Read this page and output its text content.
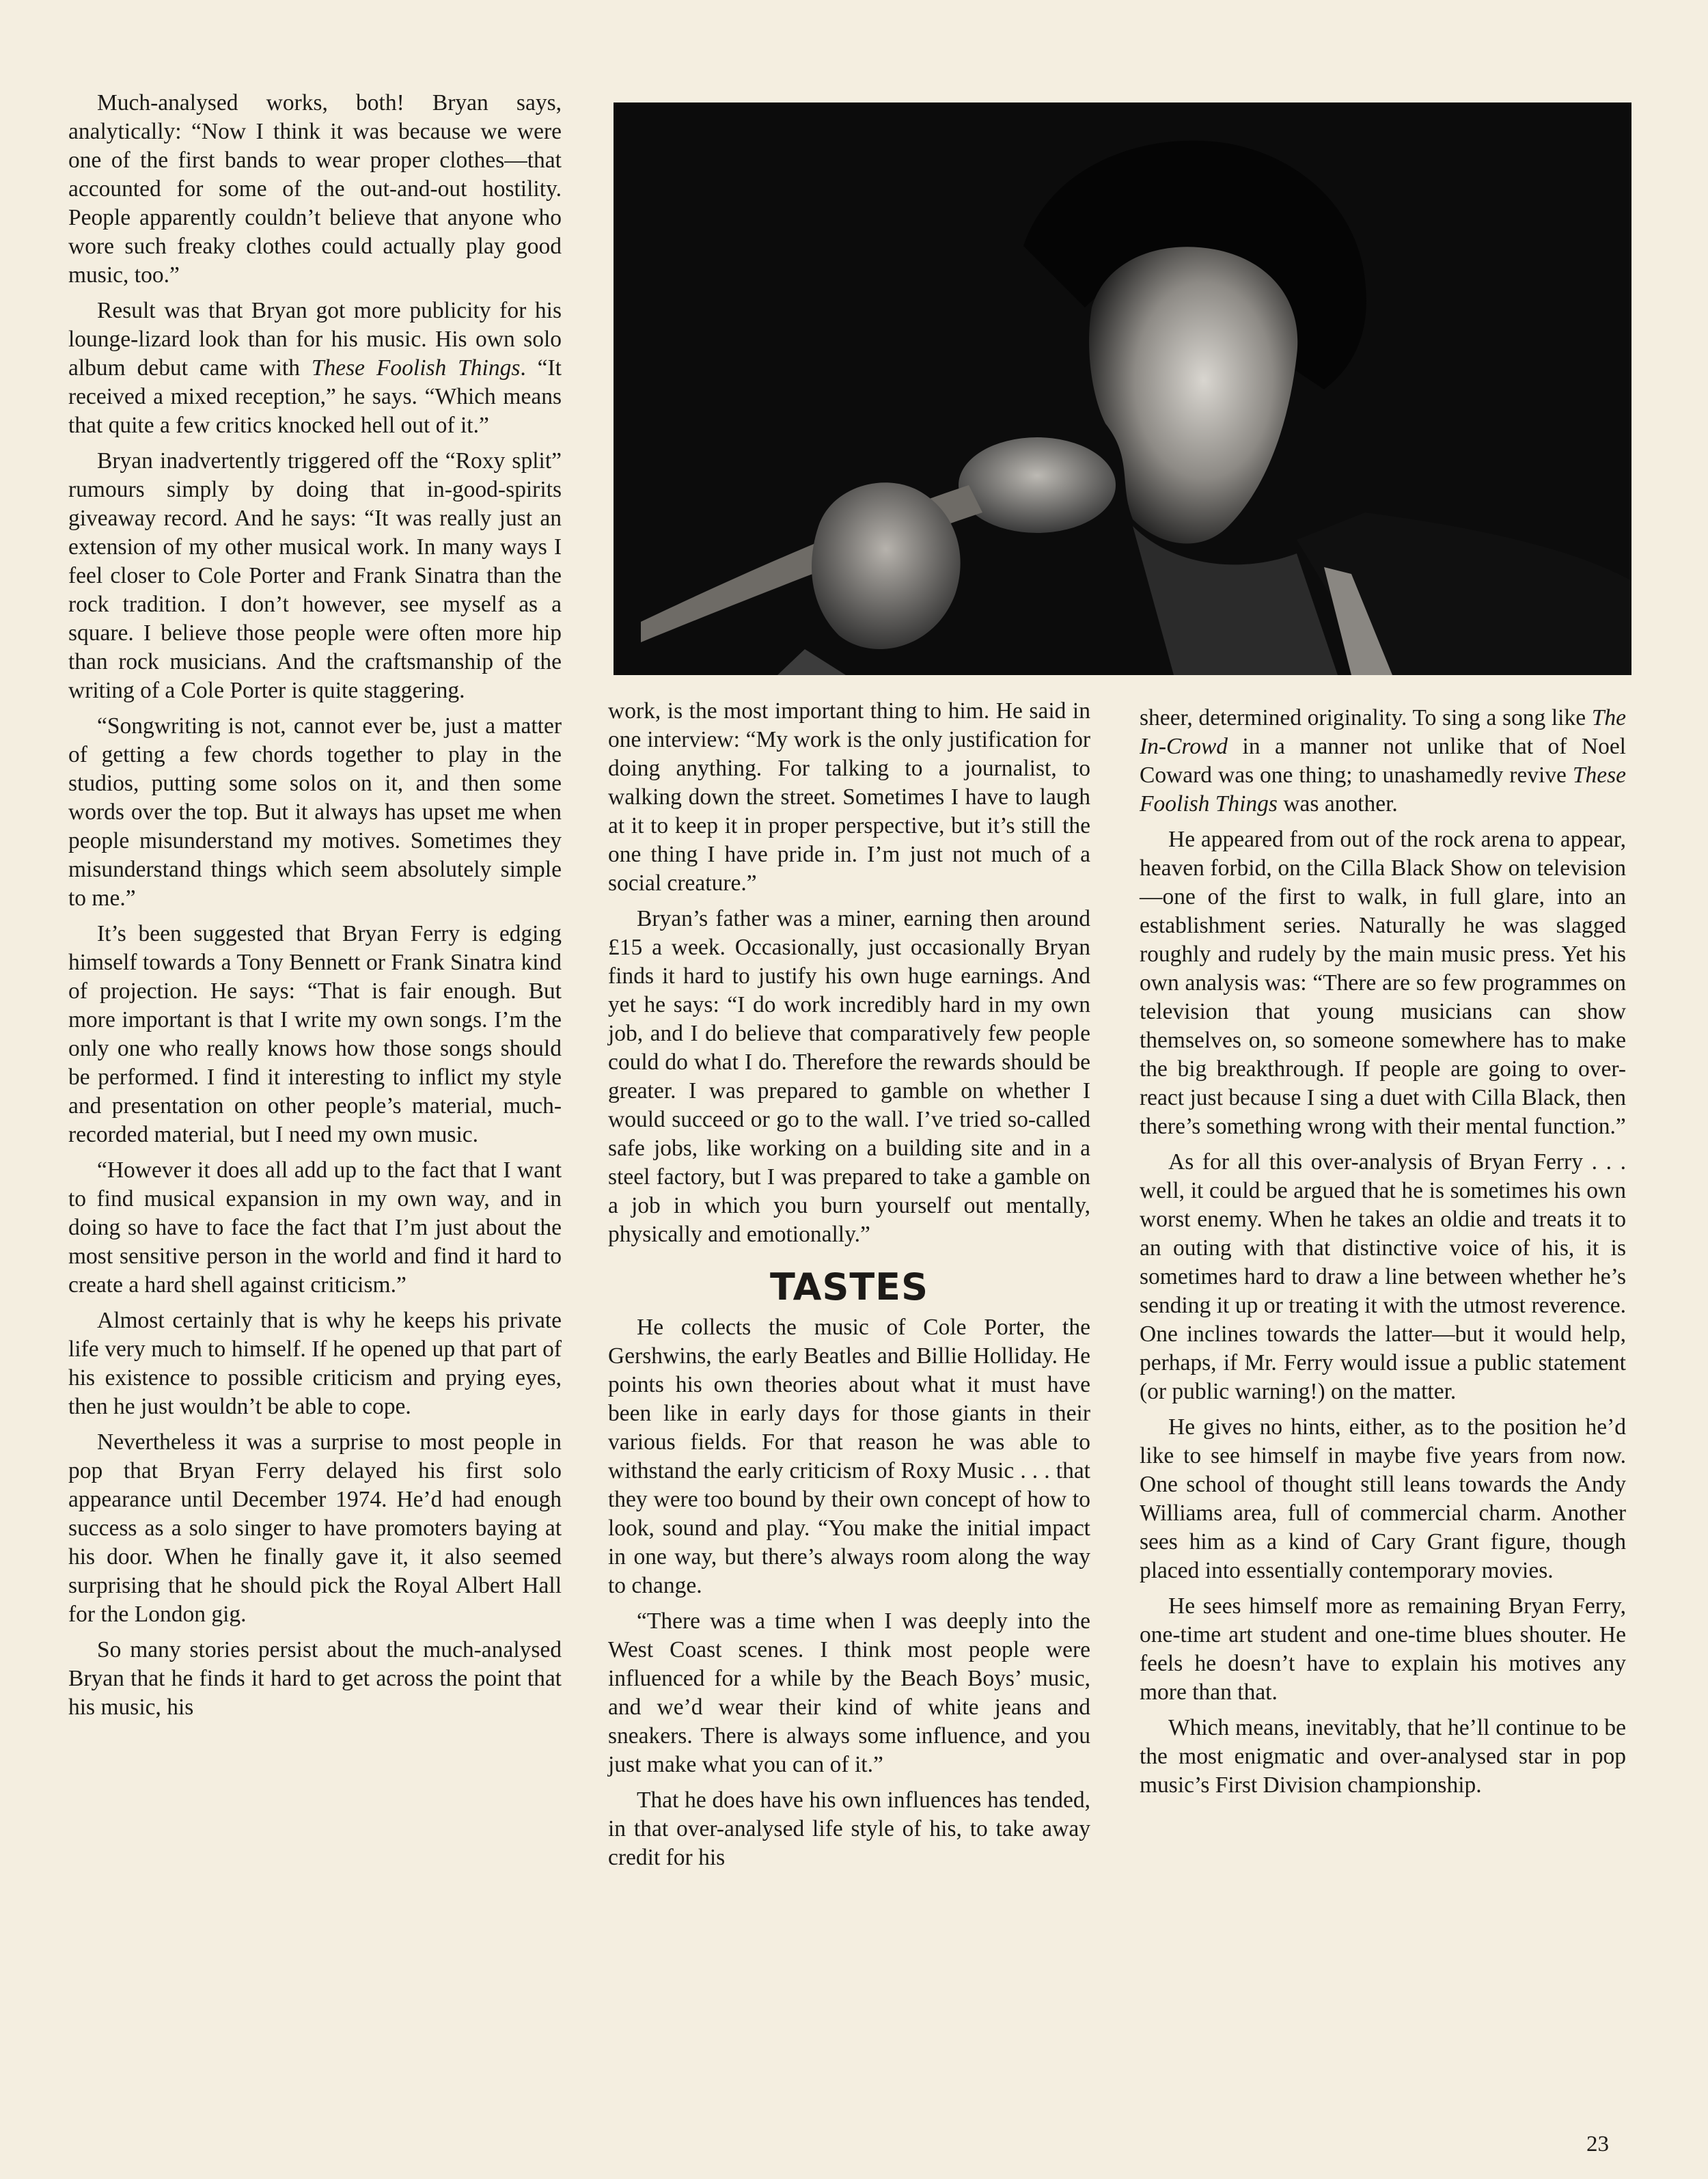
Much-analysed works, both! Bryan says, analytically: “Now I think it was because we were one of the first bands to wear proper clothes—that accounted for some of the out-and-out hostility. People apparently couldn’t believe that anyone who wore such freaky clothes could actually play good music, too.”

Result was that Bryan got more publicity for his lounge-lizard look than for his music. His own solo album debut came with These Foolish Things. “It received a mixed reception,” he says. “Which means that quite a few critics knocked hell out of it.”

Bryan inadvertently triggered off the “Roxy split” rumours simply by doing that in-good-spirits giveaway record. And he says: “It was really just an extension of my other musical work. In many ways I feel closer to Cole Porter and Frank Sinatra than the rock tradition. I don’t however, see myself as a square. I believe those people were often more hip than rock musicians. And the craftsmanship of the writing of a Cole Porter is quite staggering.

“Songwriting is not, cannot ever be, just a matter of getting a few chords together to play in the studios, putting some solos on it, and then some words over the top. But it always has upset me when people misunderstand my motives. Sometimes they misunderstand things which seem absolutely simple to me.”

It’s been suggested that Bryan Ferry is edging himself towards a Tony Bennett or Frank Sinatra kind of projection. He says: “That is fair enough. But more important is that I write my own songs. I’m the only one who really knows how those songs should be performed. I find it interesting to inflict my style and presentation on other people’s material, much-recorded material, but I need my own music.

“However it does all add up to the fact that I want to find musical expansion in my own way, and in doing so have to face the fact that I’m just about the most sensitive person in the world and find it hard to create a hard shell against criticism.”

Almost certainly that is why he keeps his private life very much to himself. If he opened up that part of his existence to possible criticism and prying eyes, then he just wouldn’t be able to cope.

Nevertheless it was a surprise to most people in pop that Bryan Ferry delayed his first solo appearance until December 1974. He’d had enough success as a solo singer to have promoters baying at his door. When he finally gave it, it also seemed surprising that he should pick the Royal Albert Hall for the London gig.

So many stories persist about the much-analysed Bryan that he finds it hard to get across the point that his music, his

work, is the most important thing to him. He said in one interview: “My work is the only justification for doing anything. For talking to a journalist, to walking down the street. Sometimes I have to laugh at it to keep it in proper perspective, but it’s still the one thing I have pride in. I’m just not much of a social creature.”

Bryan’s father was a miner, earning then around £15 a week. Occasionally, just occasionally Bryan finds it hard to justify his own huge earnings. And yet he says: “I do work incredibly hard in my own job, and I do believe that comparatively few people could do what I do. Therefore the rewards should be greater. I was prepared to gamble on whether I would succeed or go to the wall. I’ve tried so-called safe jobs, like working on a building site and in a steel factory, but I was prepared to take a gamble on a job in which you burn yourself out mentally, physically and emotionally.”

TASTES

He collects the music of Cole Porter, the Gershwins, the early Beatles and Billie Holliday. He points his own theories about what it must have been like in early days for those giants in their various fields. For that reason he was able to withstand the early criticism of Roxy Music . . . that they were too bound by their own concept of how to look, sound and play. “You make the initial impact in one way, but there’s always room along the way to change.

“There was a time when I was deeply into the West Coast scenes. I think most people were influenced for a while by the Beach Boys’ music, and we’d wear their kind of white jeans and sneakers. There is always some influence, and you just make what you can of it.”

That he does have his own influences has tended, in that over-analysed life style of his, to take away credit for his

sheer, determined originality. To sing a song like The In-Crowd in a manner not unlike that of Noel Coward was one thing; to unashamedly revive These Foolish Things was another.

He appeared from out of the rock arena to appear, heaven forbid, on the Cilla Black Show on television—one of the first to walk, in full glare, into an establishment series. Naturally he was slagged roughly and rudely by the main music press. Yet his own analysis was: “There are so few programmes on television that young musicians can show themselves on, so someone somewhere has to make the big breakthrough. If people are going to over-react just because I sing a duet with Cilla Black, then there’s something wrong with their mental function.”

As for all this over-analysis of Bryan Ferry . . . well, it could be argued that he is sometimes his own worst enemy. When he takes an oldie and treats it to an outing with that distinctive voice of his, it is sometimes hard to draw a line between whether he’s sending it up or treating it with the utmost reverence. One inclines towards the latter—but it would help, perhaps, if Mr. Ferry would issue a public statement (or public warning!) on the matter.

He gives no hints, either, as to the position he’d like to see himself in maybe five years from now. One school of thought still leans towards the Andy Williams area, full of commercial charm. Another sees him as a kind of Cary Grant figure, though placed into essentially contemporary movies.

He sees himself more as remaining Bryan Ferry, one-time art student and one-time blues shouter. He feels he doesn’t have to explain his motives any more than that.

Which means, inevitably, that he’ll continue to be the most enigmatic and over-analysed star in pop music’s First Division championship.

23
